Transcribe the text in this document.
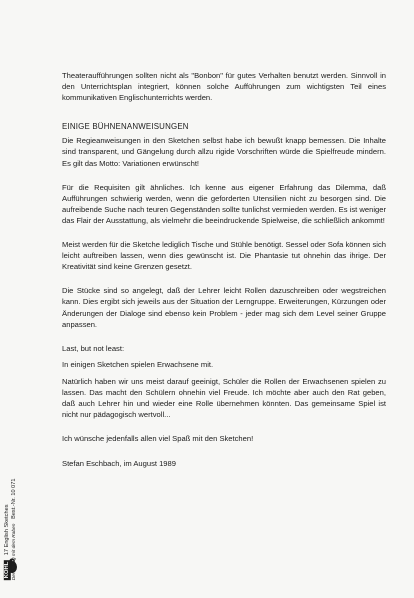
Theateraufführungen sollten nicht als "Bonbon" für gutes Verhalten benutzt werden. Sinnvoll in den Unterrichtsplan integriert, können solche Aufführungen zum wichtigsten Teil eines kommunikativen Englischunterrichts werden.

EINIGE BÜHNENANWEISUNGEN

Die Regieanweisungen in den Sketchen selbst habe ich bewußt knapp bemessen. Die Inhalte sind transparent, und Gängelung durch allzu rigide Vorschriften würde die Spielfreude mindern. Es gilt das Motto: Variationen erwünscht!

Für die Requisiten gilt ähnliches. Ich kenne aus eigener Erfahrung das Dilemma, daß Aufführungen schwierig werden, wenn die geforderten Utensilien nicht zu besorgen sind. Die aufreibende Suche nach teuren Gegenständen sollte tunlichst vermieden werden. Es ist weniger das Flair der Ausstattung, als vielmehr die beeindruckende Spielweise, die schließlich ankommt!

Meist werden für die Sketche lediglich Tische und Stühle benötigt. Sessel oder Sofa können sich leicht auftreiben lassen, wenn dies gewünscht ist. Die Phantasie tut ohnehin das ihrige. Der Kreativität sind keine Grenzen gesetzt.

Die Stücke sind so angelegt, daß der Lehrer leicht Rollen dazuschreiben oder wegstreichen kann. Dies ergibt sich jeweils aus der Situation der Lerngruppe. Erweiterungen, Kürzungen oder Änderungen der Dialoge sind ebenso kein Problem - jeder mag sich dem Level seiner Gruppe anpassen.

Last, but not least:

In einigen Sketchen spielen Erwachsene mit.

Natürlich haben wir uns meist darauf geeinigt, Schüler die Rollen der Erwachsenen spielen zu lassen. Das macht den Schülern ohnehin viel Freude. Ich möchte aber auch den Rat geben, daß auch Lehrer hin und wieder eine Rolle übernehmen könnten. Das gemeinsame Spiel ist nicht nur pädagogisch wertvoll...

Ich wünsche jedenfalls allen viel Spaß mit den Sketchen!

Stefan Eschbach, im August 1989

KOHL 17 English Sketches Der Verlag mit dem Raben   Best.-Nr. 10 071
